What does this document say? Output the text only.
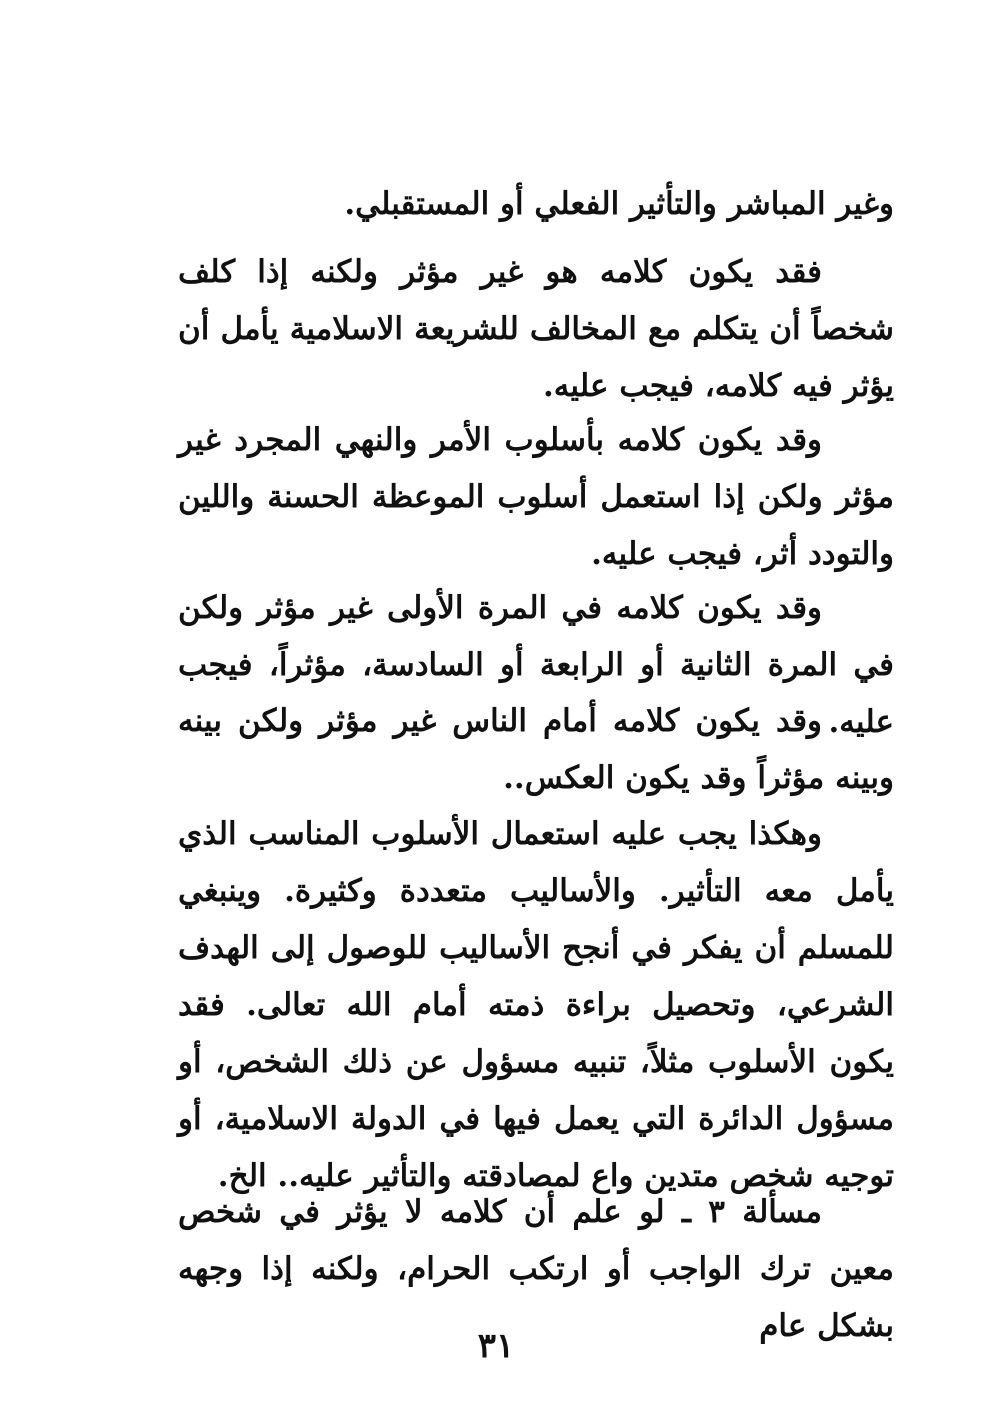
وغير المباشر والتأثير الفعلي أو المستقبلي.

فقد يكون كلامه هو غير مؤثر ولكنه إذا كلف شخصاً أن يتكلم مع المخالف للشريعة الاسلامية يأمل أن يؤثر فيه كلامه، فيجب عليه.

وقد يكون كلامه بأسلوب الأمر والنهي المجرد غير مؤثر ولكن إذا استعمل أسلوب الموعظة الحسنة واللين والتودد أثر، فيجب عليه.

وقد يكون كلامه في المرة الأولى غير مؤثر ولكن في المرة الثانية أو الرابعة أو السادسة، مؤثراً، فيجب عليه.

وقد يكون كلامه أمام الناس غير مؤثر ولكن بينه وبينه مؤثراً وقد يكون العكس..

وهكذا يجب عليه استعمال الأسلوب المناسب الذي يأمل معه التأثير. والأساليب متعددة وكثيرة. وينبغي للمسلم أن يفكر في أنجح الأساليب للوصول إلى الهدف الشرعي، وتحصيل براءة ذمته أمام الله تعالى. فقد يكون الأسلوب مثلاً، تنبيه مسؤول عن ذلك الشخص، أو مسؤول الدائرة التي يعمل فيها في الدولة الاسلامية، أو توجيه شخص متدين واع لمصادقته والتأثير عليه.. الخ.

مسألة ٣ ـ لو علم أن كلامه لا يؤثر في شخص معين ترك الواجب أو ارتكب الحرام، ولكنه إذا وجهه بشكل عام

٣١
